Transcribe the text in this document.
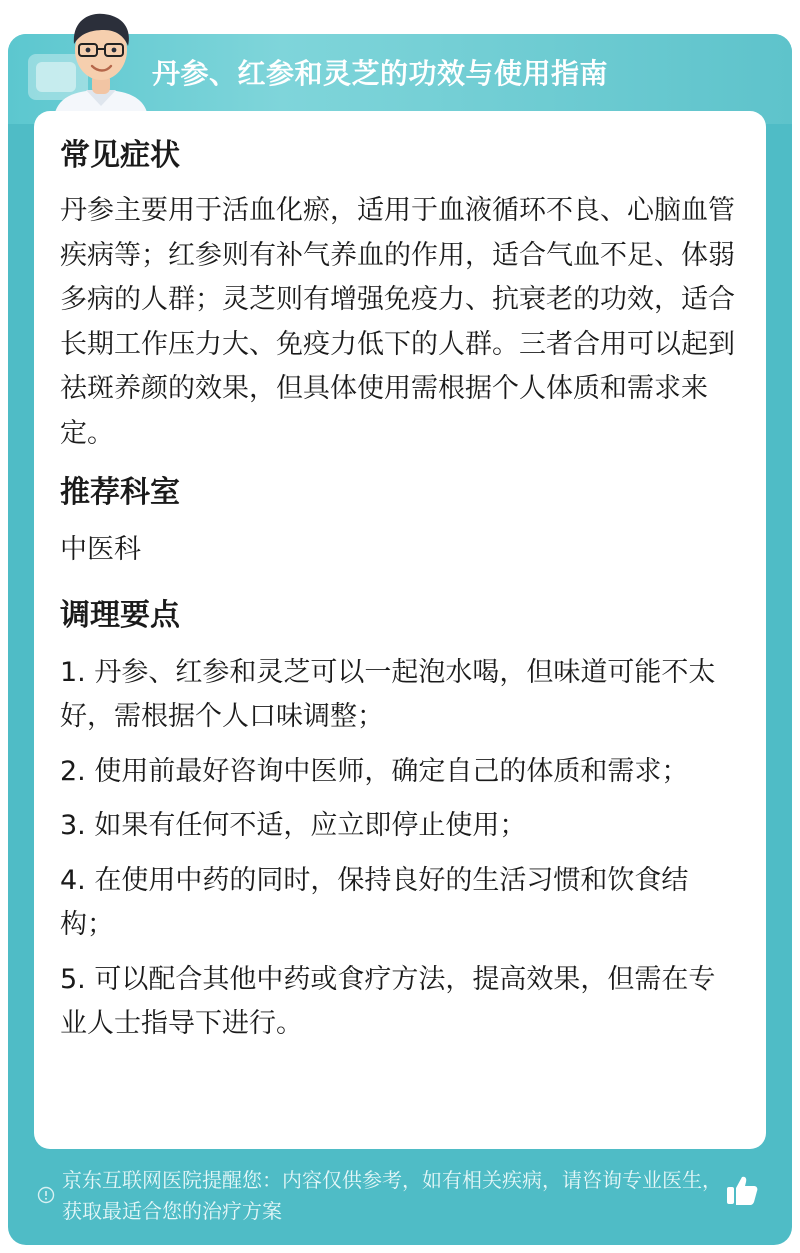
丹参、红参和灵芝的功效与使用指南

常见症状

丹参主要用于活血化瘀，适用于血液循环不良、心脑血管疾病等；红参则有补气养血的作用，适合气血不足、体弱多病的人群；灵芝则有增强免疫力、抗衰老的功效，适合长期工作压力大、免疫力低下的人群。三者合用可以起到祛斑养颜的效果，但具体使用需根据个人体质和需求来定。

推荐科室

中医科

调理要点

1. 丹参、红参和灵芝可以一起泡水喝，但味道可能不太好，需根据个人口味调整；

2. 使用前最好咨询中医师，确定自己的体质和需求；

3. 如果有任何不适，应立即停止使用；

4. 在使用中药的同时，保持良好的生活习惯和饮食结构；

5. 可以配合其他中药或食疗方法，提高效果，但需在专业人士指导下进行。

京东互联网医院提醒您：内容仅供参考，如有相关疾病，请咨询专业医生，获取最适合您的治疗方案
